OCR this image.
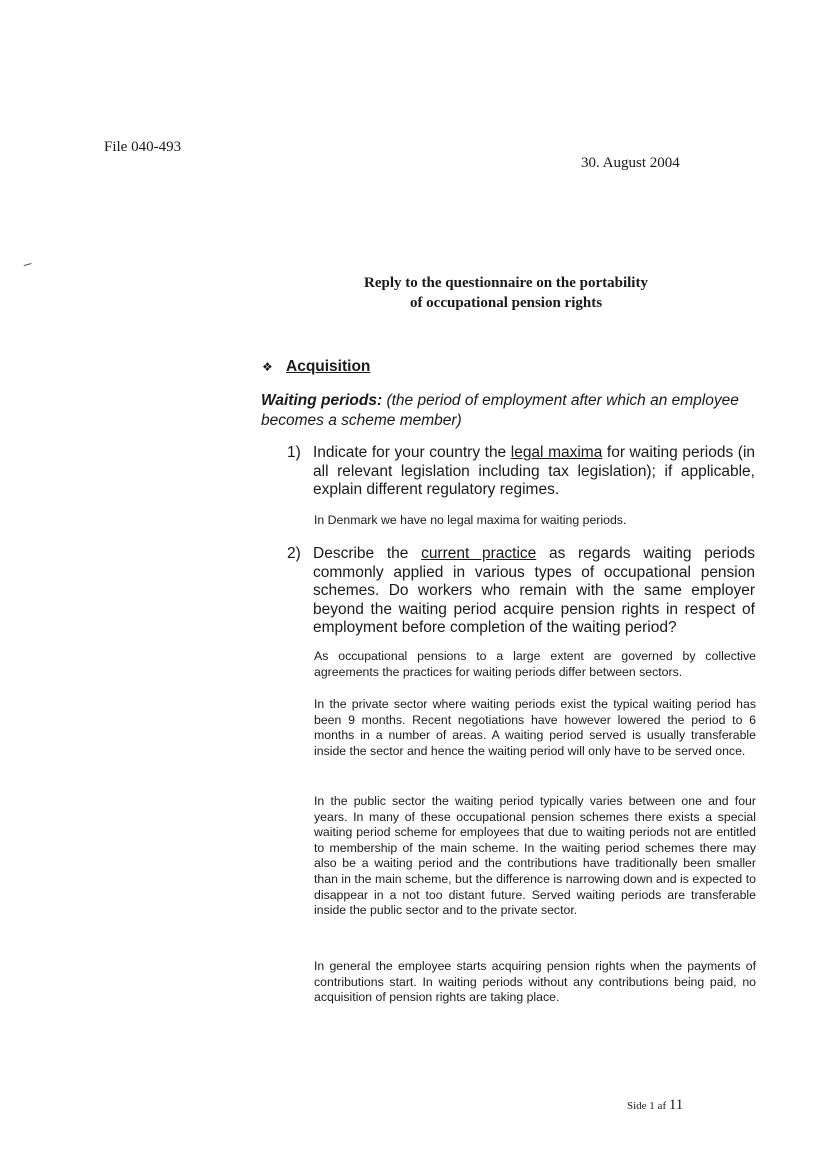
File 040-493
30. August 2004
Reply to the questionnaire on the portability
of occupational pension rights
❖ Acquisition
Waiting periods: (the period of employment after which an employee becomes a scheme member)
1) Indicate for your country the legal maxima for waiting periods (in all relevant legislation including tax legislation); if applicable, explain different regulatory regimes.
In Denmark we have no legal maxima for waiting periods.
2) Describe the current practice as regards waiting periods commonly applied in various types of occupational pension schemes. Do workers who remain with the same employer beyond the waiting period acquire pension rights in respect of employment before completion of the waiting period?
As occupational pensions to a large extent are governed by collective agreements the practices for waiting periods differ between sectors.
In the private sector where waiting periods exist the typical waiting period has been 9 months. Recent negotiations have however lowered the period to 6 months in a number of areas. A waiting period served is usually transferable inside the sector and hence the waiting period will only have to be served once.
In the public sector the waiting period typically varies between one and four years. In many of these occupational pension schemes there exists a special waiting period scheme for employees that due to waiting periods not are entitled to membership of the main scheme. In the waiting period schemes there may also be a waiting period and the contributions have traditionally been smaller than in the main scheme, but the difference is narrowing down and is expected to disappear in a not too distant future. Served waiting periods are transferable inside the public sector and to the private sector.
In general the employee starts acquiring pension rights when the payments of contributions start. In waiting periods without any contributions being paid, no acquisition of pension rights are taking place.
Side 1 af 11
